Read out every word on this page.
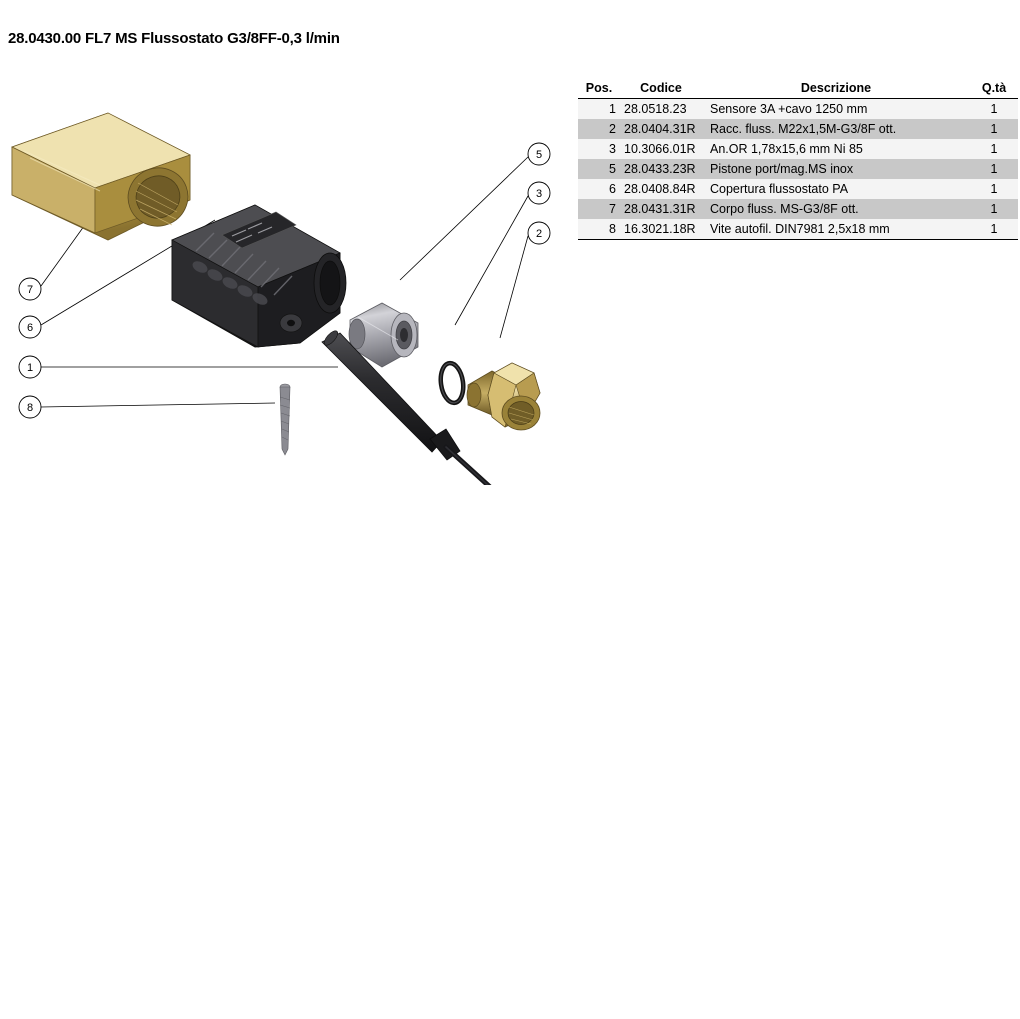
28.0430.00 FL7 MS Flussostato G3/8FF-0,3 l/min
7
6
1
8
5
3
2
Pos.	Codice	Descrizione	Q.tà
1	28.0518.23	Sensore 3A +cavo 1250 mm	1
2	28.0404.31R	Racc. fluss. M22x1,5M-G3/8F ott.	1
3	10.3066.01R	An.OR 1,78x15,6 mm Ni 85	1
5	28.0433.23R	Pistone port/mag.MS inox	1
6	28.0408.84R	Copertura flussostato PA	1
7	28.0431.31R	Corpo fluss. MS-G3/8F ott.	1
8	16.3021.18R	Vite autofil. DIN7981 2,5x18 mm	1
